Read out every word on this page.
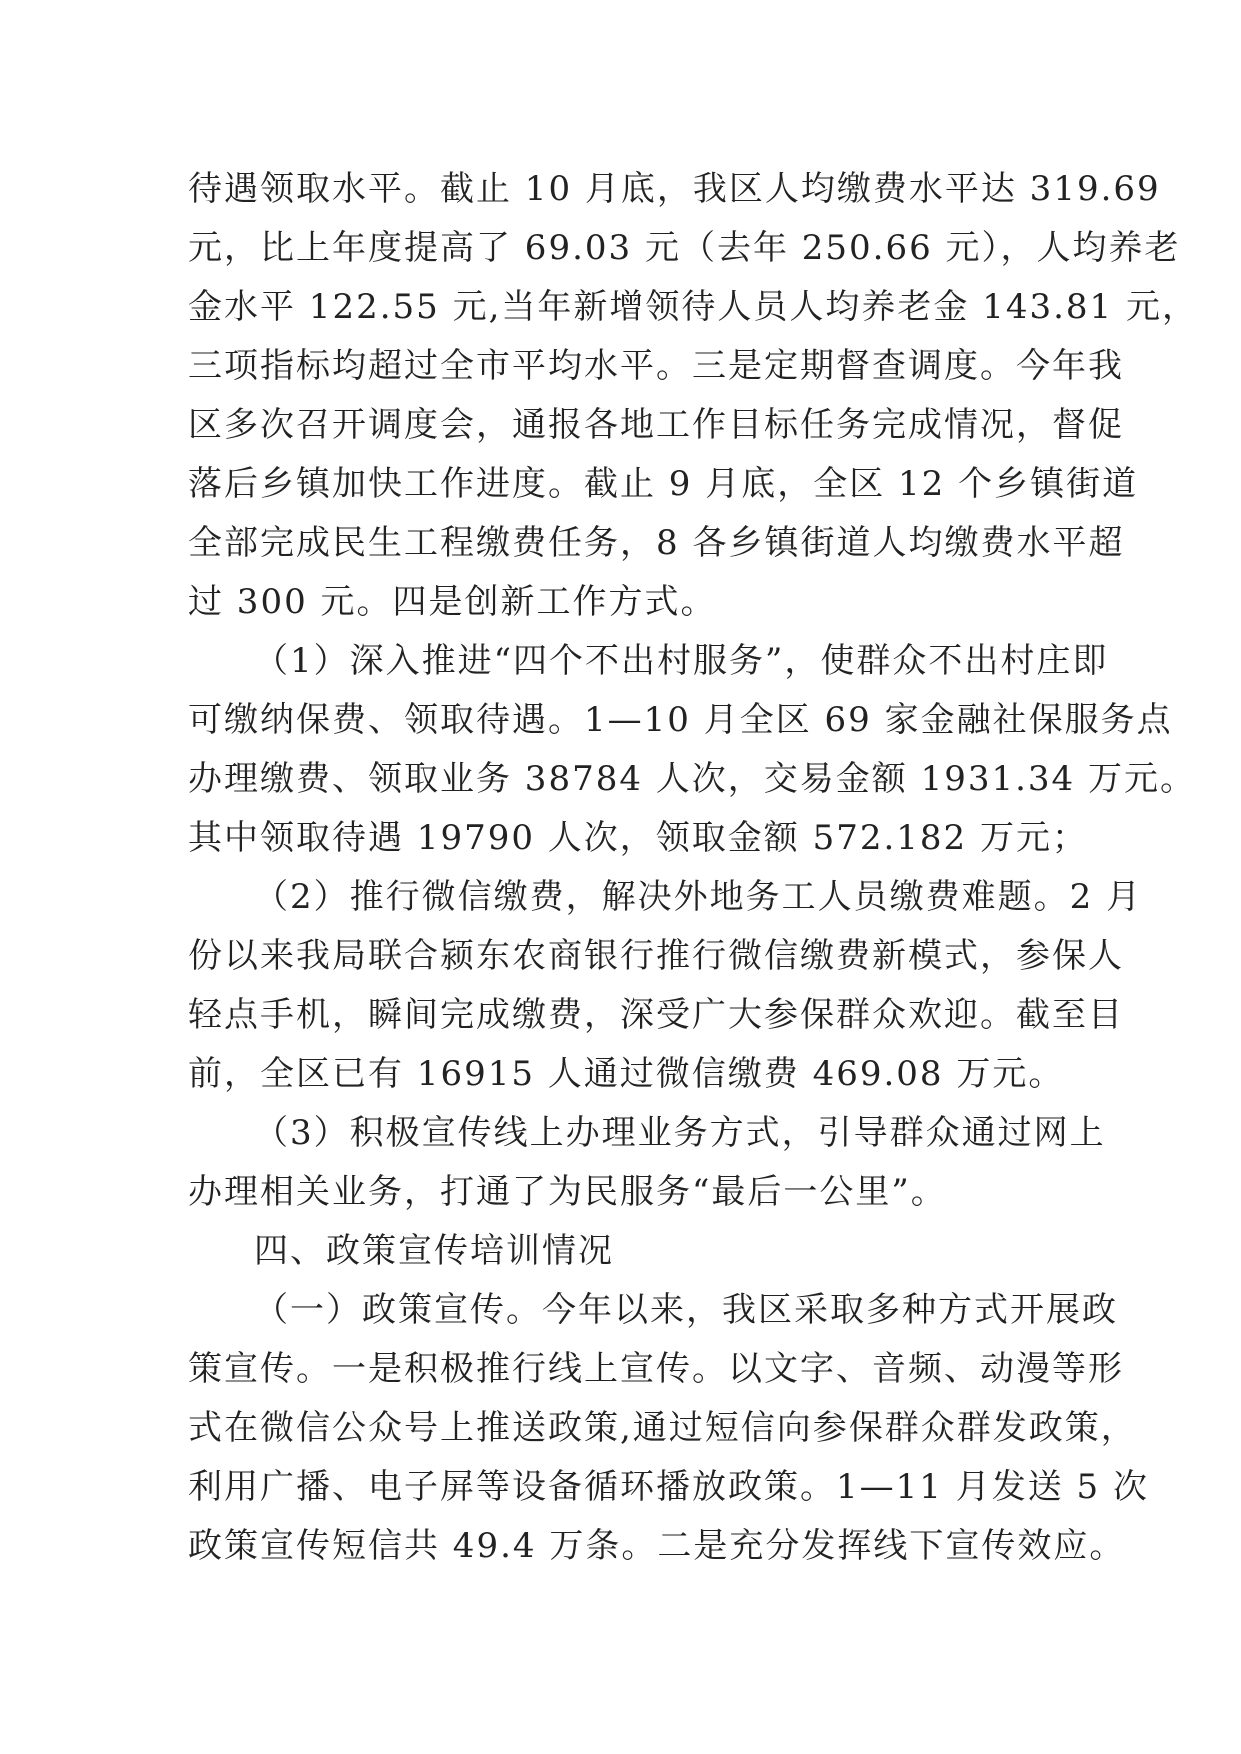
待遇领取水平。截止 10 月底，我区人均缴费水平达 319.69
元，比上年度提高了 69.03 元（去年 250.66 元），人均养老
金水平 122.55 元,当年新增领待人员人均养老金 143.81 元，
三项指标均超过全市平均水平。三是定期督查调度。今年我
区多次召开调度会，通报各地工作目标任务完成情况，督促
落后乡镇加快工作进度。截止 9 月底，全区 12 个乡镇街道
全部完成民生工程缴费任务，8 各乡镇街道人均缴费水平超
过 300 元。四是创新工作方式。
（1）深入推进“四个不出村服务”，使群众不出村庄即
可缴纳保费、领取待遇。1—10 月全区 69 家金融社保服务点
办理缴费、领取业务 38784 人次，交易金额 1931.34 万元。
其中领取待遇 19790 人次，领取金额 572.182 万元；
（2）推行微信缴费，解决外地务工人员缴费难题。2 月
份以来我局联合颍东农商银行推行微信缴费新模式，参保人
轻点手机，瞬间完成缴费，深受广大参保群众欢迎。截至目
前，全区已有 16915 人通过微信缴费 469.08 万元。
（3）积极宣传线上办理业务方式，引导群众通过网上
办理相关业务，打通了为民服务“最后一公里”。
四、政策宣传培训情况
（一）政策宣传。今年以来，我区采取多种方式开展政
策宣传。一是积极推行线上宣传。以文字、音频、动漫等形
式在微信公众号上推送政策,通过短信向参保群众群发政策，
利用广播、电子屏等设备循环播放政策。1—11 月发送 5 次
政策宣传短信共 49.4 万条。二是充分发挥线下宣传效应。
